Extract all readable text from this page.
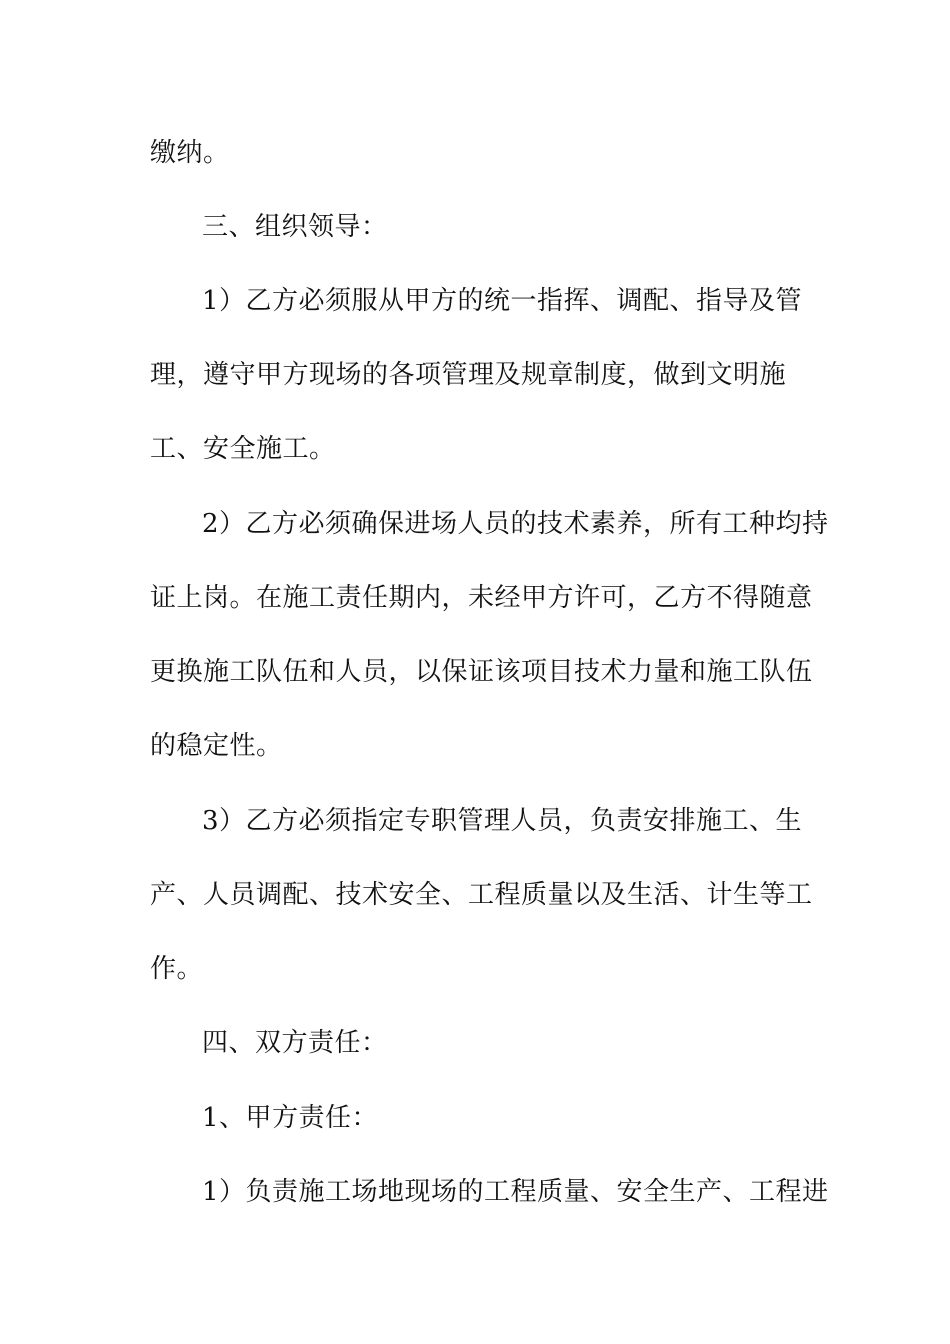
缴纳。
三、组织领导：
1）乙方必须服从甲方的统一指挥、调配、指导及管
理，遵守甲方现场的各项管理及规章制度，做到文明施
工、安全施工。
2）乙方必须确保进场人员的技术素养，所有工种均持
证上岗。在施工责任期内，未经甲方许可，乙方不得随意
更换施工队伍和人员，以保证该项目技术力量和施工队伍
的稳定性。
3）乙方必须指定专职管理人员，负责安排施工、生
产、人员调配、技术安全、工程质量以及生活、计生等工
作。
四、双方责任：
1、甲方责任：
1）负责施工场地现场的工程质量、安全生产、工程进
